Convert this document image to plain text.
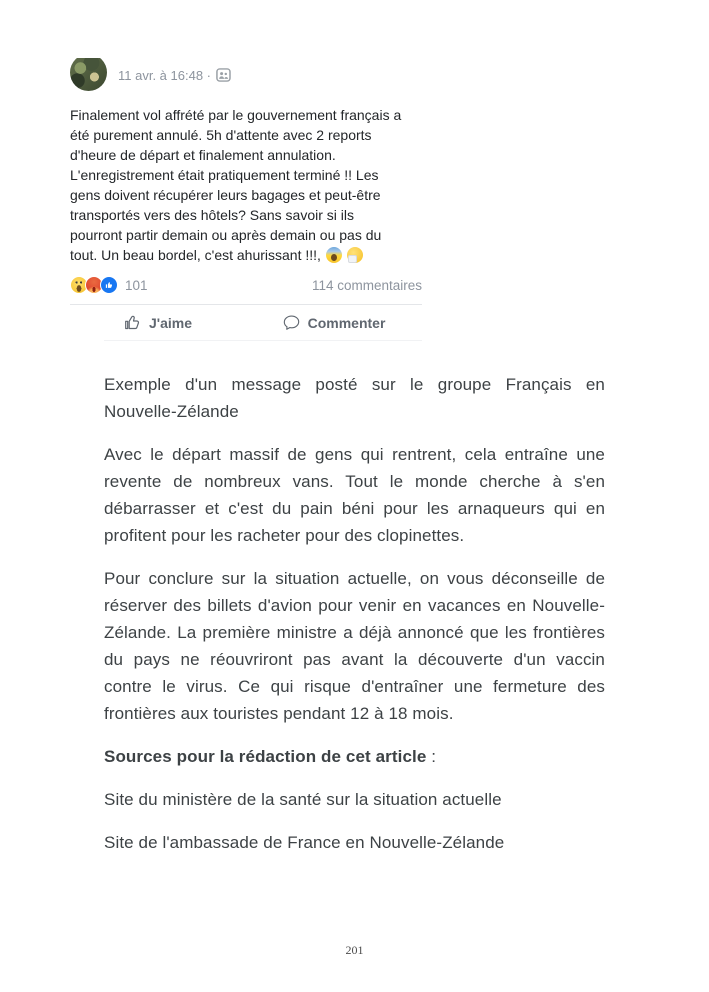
11 avr. à 16:48 ·
Finalement vol affrété par le gouvernement français a
été purement annulé. 5h d'attente avec 2 reports
d'heure de départ et finalement annulation.
L'enregistrement était pratiquement terminé !! Les
gens doivent récupérer leurs bagages et peut-être
transportés vers des hôtels? Sans savoir si ils
pourront partir demain ou après demain ou pas du
tout. Un beau bordel, c'est ahurissant !!!,
101	114 commentaires
J'aime	Commenter

Exemple d'un message posté sur le groupe Français en Nouvelle-Zélande

Avec le départ massif de gens qui rentrent, cela entraîne une revente de nombreux vans. Tout le monde cherche à s'en débarrasser et c'est du pain béni pour les arnaqueurs qui en profitent pour les racheter pour des clopinettes.

Pour conclure sur la situation actuelle, on vous déconseille de réserver des billets d'avion pour venir en vacances en Nouvelle-Zélande. La première ministre a déjà annoncé que les frontières du pays ne réouvriront pas avant la découverte d'un vaccin contre le virus. Ce qui risque d'entraîner une fermeture des frontières aux touristes pendant 12 à 18 mois.

Sources pour la rédaction de cet article :

Site du ministère de la santé sur la situation actuelle

Site de l'ambassade de France en Nouvelle-Zélande

201
